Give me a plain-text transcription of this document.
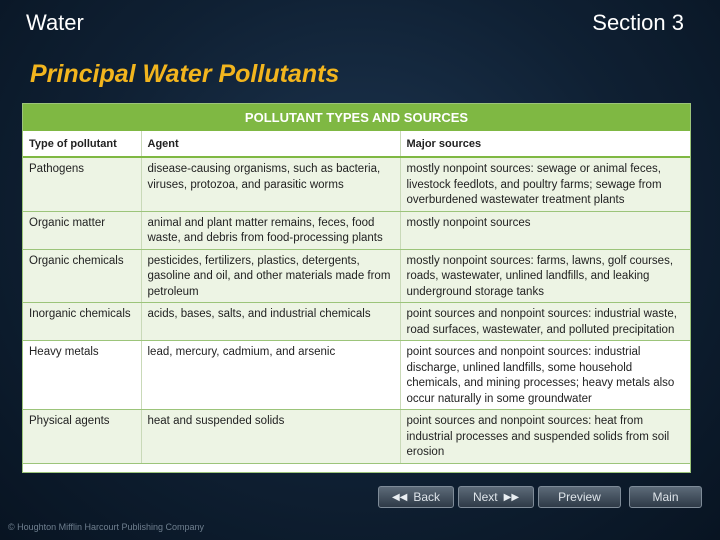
Water	Section 3
Principal Water Pollutants
POLLUTANT TYPES AND SOURCES
Type of pollutant	Agent	Major sources
Pathogens	disease-causing organisms, such as bacteria, viruses, protozoa, and parasitic worms	mostly nonpoint sources: sewage or animal feces, livestock feedlots, and poultry farms; sewage from overburdened wastewater treatment plants
Organic matter	animal and plant matter remains, feces, food waste, and debris from food-processing plants	mostly nonpoint sources
Organic chemicals	pesticides, fertilizers, plastics, detergents, gasoline and oil, and other materials made from petroleum	mostly nonpoint sources: farms, lawns, golf courses, roads, wastewater, unlined landfills, and leaking underground storage tanks
Inorganic chemicals	acids, bases, salts, and industrial chemicals	point sources and nonpoint sources: industrial waste, road surfaces, wastewater, and polluted precipitation
Heavy metals	lead, mercury, cadmium, and arsenic	point sources and nonpoint sources: industrial discharge, unlined landfills, some household chemicals, and mining processes; heavy metals also occur naturally in some groundwater
Physical agents	heat and suspended solids	point sources and nonpoint sources: heat from industrial processes and suspended solids from soil erosion
◀◀ Back	Next ▶▶	Preview	Main
© Houghton Mifflin Harcourt Publishing Company
